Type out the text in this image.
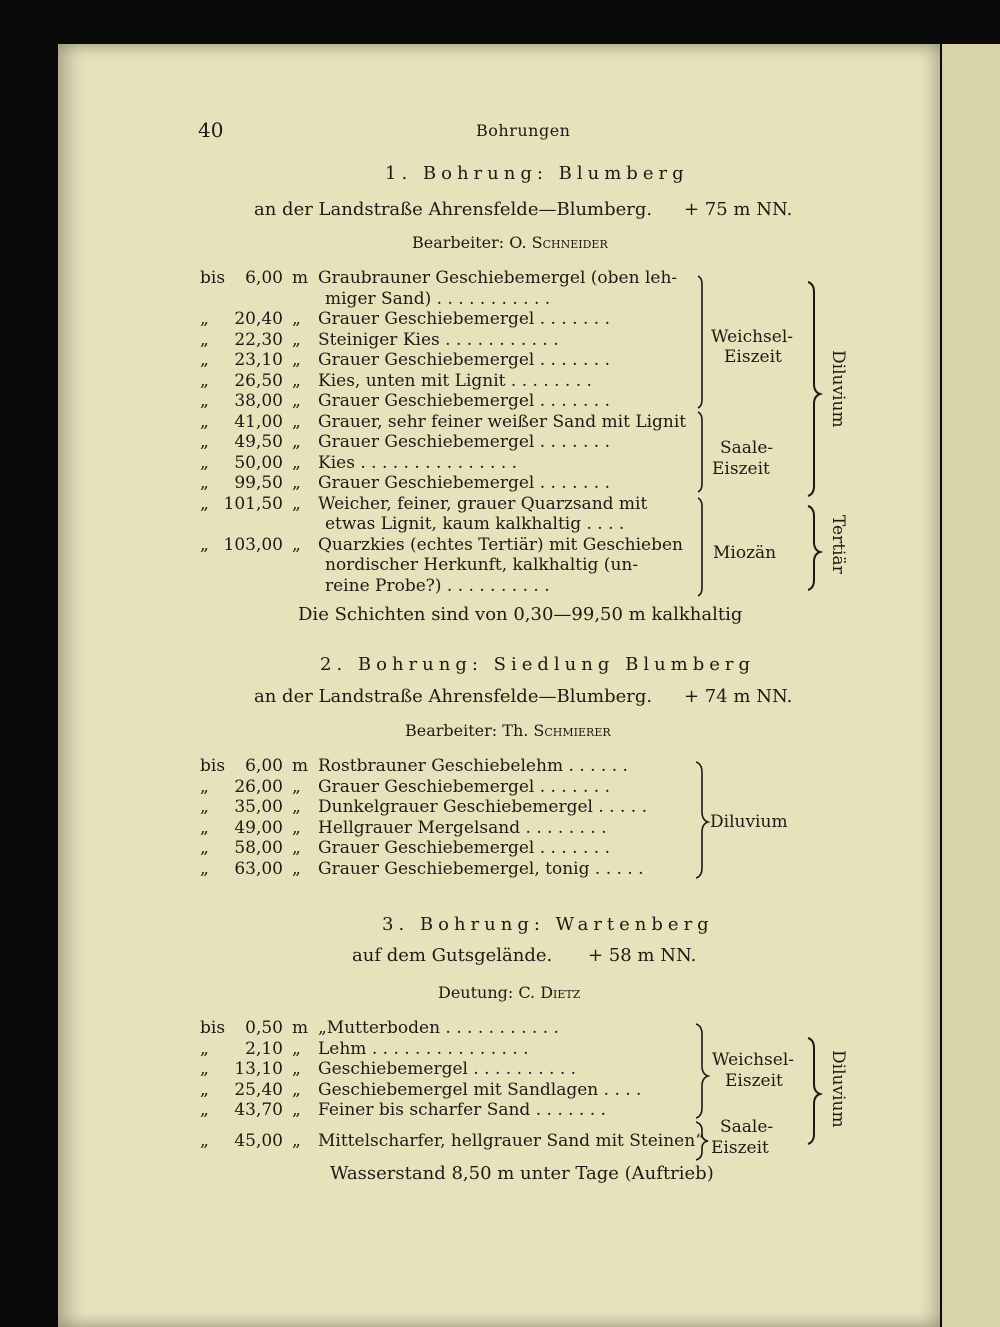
40	Bohrungen
1. Bohrung: Blumberg
an der Landstraße Ahrensfelde—Blumberg. + 75 m NN.
Bearbeiter: O. Schneider
bis 6,00 m Graubrauner Geschiebemergel (oben leh-
miger Sand) . . . . . . . . . . .
„ 20,40 „ Grauer Geschiebemergel . . . . . . .
„ 22,30 „ Steiniger Kies . . . . . . . . . . .
„ 23,10 „ Grauer Geschiebemergel . . . . . . .
„ 26,50 „ Kies, unten mit Lignit . . . . . . . .
„ 38,00 „ Grauer Geschiebemergel . . . . . . .
„ 41,00 „ Grauer, sehr feiner weißer Sand mit Lignit
„ 49,50 „ Grauer Geschiebemergel . . . . . . .
„ 50,00 „ Kies . . . . . . . . . . . . . . .
„ 99,50 „ Grauer Geschiebemergel . . . . . . .
„ 101,50 „ Weicher, feiner, grauer Quarzsand mit
etwas Lignit, kaum kalkhaltig . . . .
„ 103,00 „ Quarzkies (echtes Tertiär) mit Geschieben
nordischer Herkunft, kalkhaltig (un-
reine Probe?) . . . . . . . . . .
Weichsel-
Eiszeit
Saale-
Eiszeit
Miozän
Diluvium
Tertiär
Die Schichten sind von 0,30—99,50 m kalkhaltig
2. Bohrung: Siedlung Blumberg
an der Landstraße Ahrensfelde—Blumberg. + 74 m NN.
Bearbeiter: Th. Schmierer
bis 6,00 m Rostbrauner Geschiebelehm . . . . . .
„ 26,00 „ Grauer Geschiebemergel . . . . . . .
„ 35,00 „ Dunkelgrauer Geschiebemergel . . . . .
„ 49,00 „ Hellgrauer Mergelsand . . . . . . . .
„ 58,00 „ Grauer Geschiebemergel . . . . . . .
„ 63,00 „ Grauer Geschiebemergel, tonig . . . . .
Diluvium
3. Bohrung: Wartenberg
auf dem Gutsgelände. + 58 m NN.
Deutung: C. Dietz
bis 0,50 m „Mutterboden . . . . . . . . . . .
„ 2,10 „ Lehm . . . . . . . . . . . . . . .
„ 13,10 „ Geschiebemergel . . . . . . . . . .
„ 25,40 „ Geschiebemergel mit Sandlagen . . . .
„ 43,70 „ Feiner bis scharfer Sand . . . . . . .
„ 45,00 „ Mittelscharfer, hellgrauer Sand mit Steinen“
Weichsel-
Eiszeit
Saale-
Eiszeit
Diluvium
Wasserstand 8,50 m unter Tage (Auftrieb)
